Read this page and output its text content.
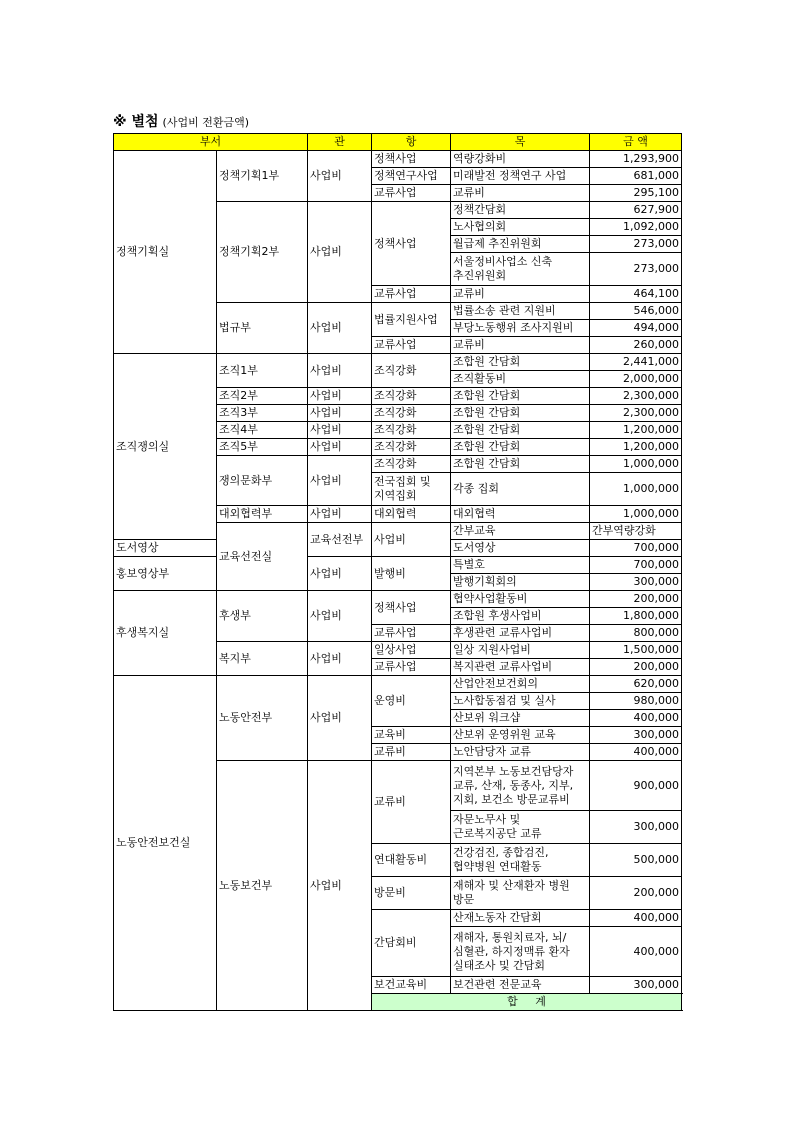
※ 별첨 (사업비 전환금액)
부서		관	항	목	금 액	
정책기획실	정책기획1부	사업비	정책사업	역량강화비	1,293,900	
			정책연구사업	미래발전 정책연구 사업	681,000	
			교류사업	교류비	295,100	
	정책기획2부	사업비	정책사업	정책간담회	627,900	
				노사협의회	1,092,000	
				월급제 추진위원회	273,000	
				서울정비사업소 신축 추진위원회	273,000	
			교류사업	교류비	464,100	
	법규부	사업비	법률지원사업	법률소송 관련 지원비	546,000	
				부당노동행위 조사지원비	494,000	
			교류사업	교류비	260,000	
조직쟁의실	조직1부	사업비	조직강화	조합원 간담회	2,441,000	
				조직활동비	2,000,000	
	조직2부	사업비	조직강화	조합원 간담회	2,300,000	
	조직3부	사업비	조직강화	조합원 간담회	2,300,000	
	조직4부	사업비	조직강화	조합원 간담회	1,200,000	
	조직5부	사업비	조직강화	조합원 간담회	1,200,000	
	쟁의문화부	사업비	조직강화	조합원 간담회	1,000,000	
			전국집회 및 지역집회	각종 집회	1,000,000	
	대외협력부	사업비	대외협력	대외협력	1,000,000	
	교육선전실	교육선전부	사업비	간부교육	간부역량강화	
도서영상				도서영상	700,000	
홍보영상부		사업비	발행비	특별호	700,000	
				발행기획회의	300,000	
후생복지실	후생부	사업비	정책사업	협약사업활동비	200,000	
				조합원 후생사업비	1,800,000	
			교류사업	후생관련 교류사업비	800,000	
	복지부	사업비	일상사업	일상 지원사업비	1,500,000	
			교류사업	복지관련 교류사업비	200,000	
노동안전보건실	노동안전부	사업비	운영비	산업안전보건회의	620,000	
				노사합동점검 및 실사	980,000	
				산보위 워크샵	400,000	
			교육비	산보위 운영위원 교육	300,000	
			교류비	노안담당자 교류	400,000	
	노동보건부	사업비	교류비	지역본부 노동보건담당자 교류, 산재, 동종사, 지부, 지회, 보건소 방문교류비	900,000	
				자문노무사 및 근로복지공단 교류	300,000	
			연대활동비	건강검진, 종합검진, 협약병원 연대활동	500,000	
			방문비	재해자 및 산재환자 병원 방문	200,000	
			간담회비	산재노동자 간담회	400,000	
				재해자, 통원치료자, 뇌/심혈관, 하지정맥류 환자 실태조사 및 간담회	400,000	
			보건교육비	보건관련 전문교육	300,000	
			합     계	
